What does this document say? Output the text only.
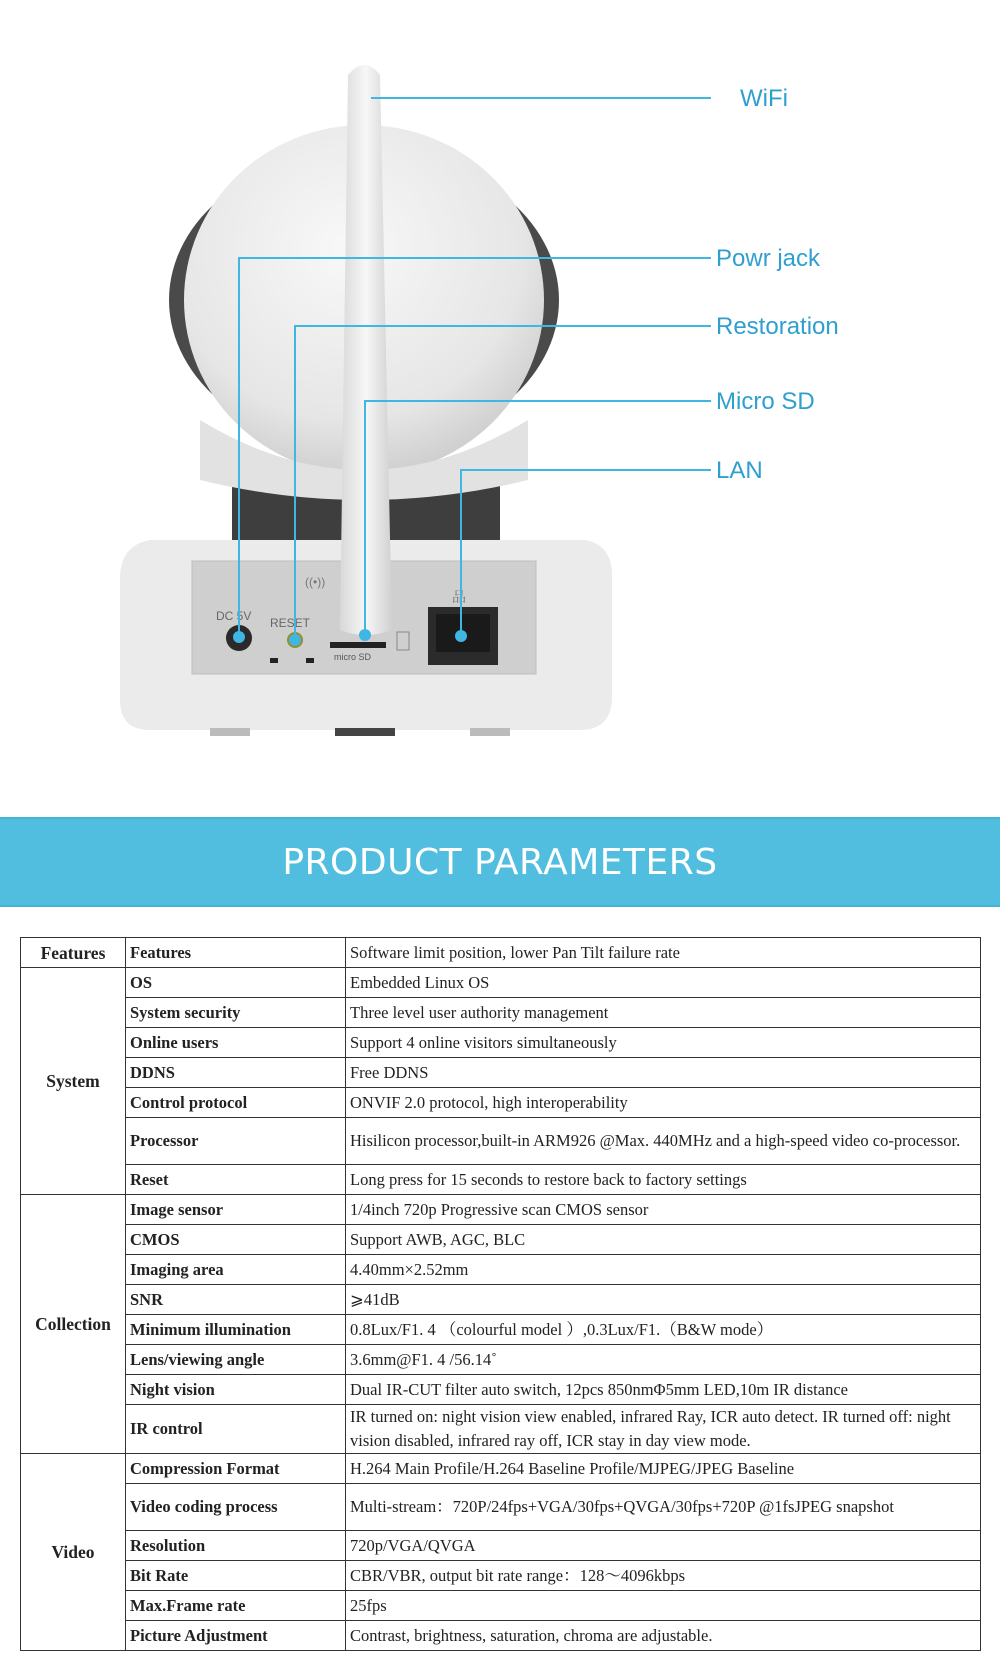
DC 5V RESET
micro SD
((•))
品
WiFi
Powr jack
Restoration
Micro SD
LAN
PRODUCT PARAMETERS
Features	Features	Software limit position, lower Pan Tilt failure rate
System	OS	Embedded Linux OS
	System security	Three level user authority management
	Online users	Support 4 online visitors simultaneously
	DDNS	Free DDNS
	Control protocol	ONVIF 2.0 protocol, high interoperability
	Processor	Hisilicon processor,built-in ARM926 @Max. 440MHz and a high-speed video co-processor.
	Reset	Long press for 15 seconds to restore back to factory settings
Collection	Image sensor	1/4inch 720p Progressive scan CMOS sensor
	CMOS	Support AWB, AGC, BLC
	Imaging area	4.40mm×2.52mm
	SNR	⩾41dB
	Minimum illumination	0.8Lux/F1. 4 （colourful model ）,0.3Lux/F1.（B&W mode）
	Lens/viewing angle	3.6mm@F1. 4 /56.14˚
	Night vision	Dual IR-CUT filter auto switch, 12pcs 850nmΦ5mm LED,10m IR distance
	IR control	IR turned on: night vision view enabled, infrared Ray, ICR auto detect. IR turned off: night vision disabled, infrared ray off, ICR stay in day view mode.
Video	Compression Format	H.264 Main Profile/H.264 Baseline Profile/MJPEG/JPEG Baseline
	Video coding process	Multi-stream：720P/24fps+VGA/30fps+QVGA/30fps+720P @1fsJPEG snapshot
	Resolution	720p/VGA/QVGA
	Bit Rate	CBR/VBR, output bit rate range：128～4096kbps
	Max.Frame rate	25fps
	Picture Adjustment	Contrast, brightness, saturation, chroma are adjustable.
